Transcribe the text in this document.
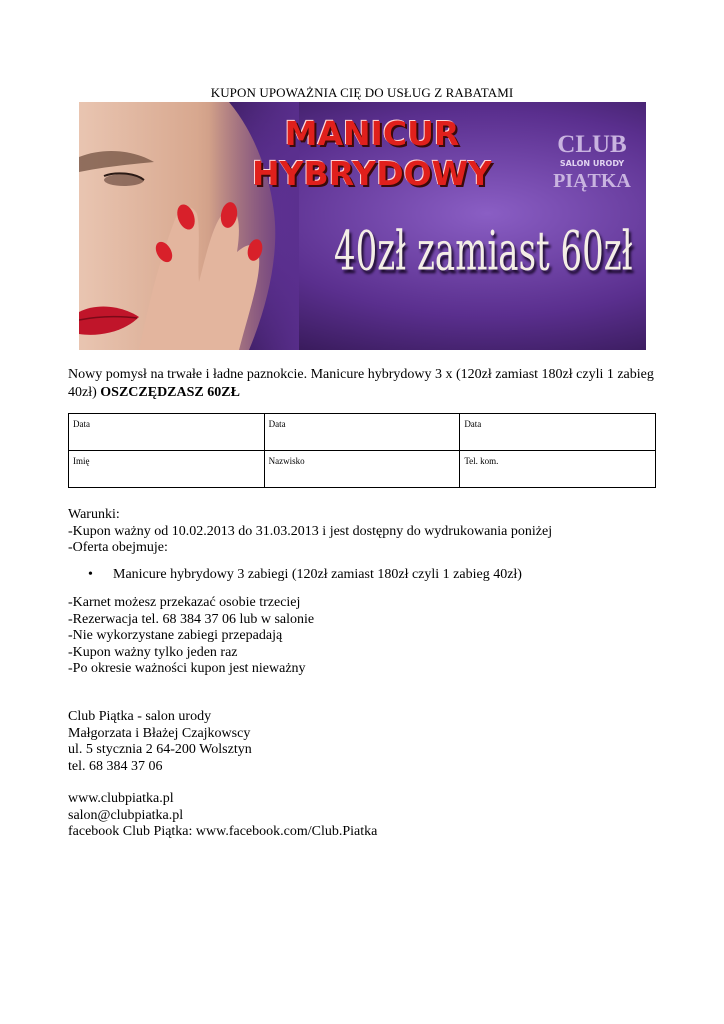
KUPON UPOWAŻNIA CIĘ DO USŁUG Z RABATAMI
MANICUR HYBRYDOWY
CLUB
SALON URODY
PIĄTKA
40zł zamiast 60zł
Nowy pomysł na trwałe i ładne paznokcie. Manicure hybrydowy 3 x (120zł zamiast 180zł czyli 1 zabieg 40zł) OSZCZĘDZASZ 60ZŁ
Data	Data	Data
Imię	Nazwisko	Tel. kom.

Warunki:

-Kupon ważny od 10.02.2013 do 31.03.2013 i jest dostępny do wydrukowania poniżej

-Oferta obejmuje:

• Manicure hybrydowy 3 zabiegi (120zł zamiast 180zł czyli 1 zabieg 40zł)

-Karnet możesz przekazać osobie trzeciej

-Rezerwacja tel. 68 384 37 06 lub w salonie

-Nie wykorzystane zabiegi przepadają

-Kupon ważny tylko jeden raz

-Po okresie ważności kupon jest nieważny

Club Piątka - salon urody

Małgorzata i Błażej Czajkowscy

ul. 5 stycznia 2 64-200 Wolsztyn

tel. 68 384 37 06

www.clubpiatka.pl

salon@clubpiatka.pl

facebook Club Piątka: www.facebook.com/Club.Piatka
